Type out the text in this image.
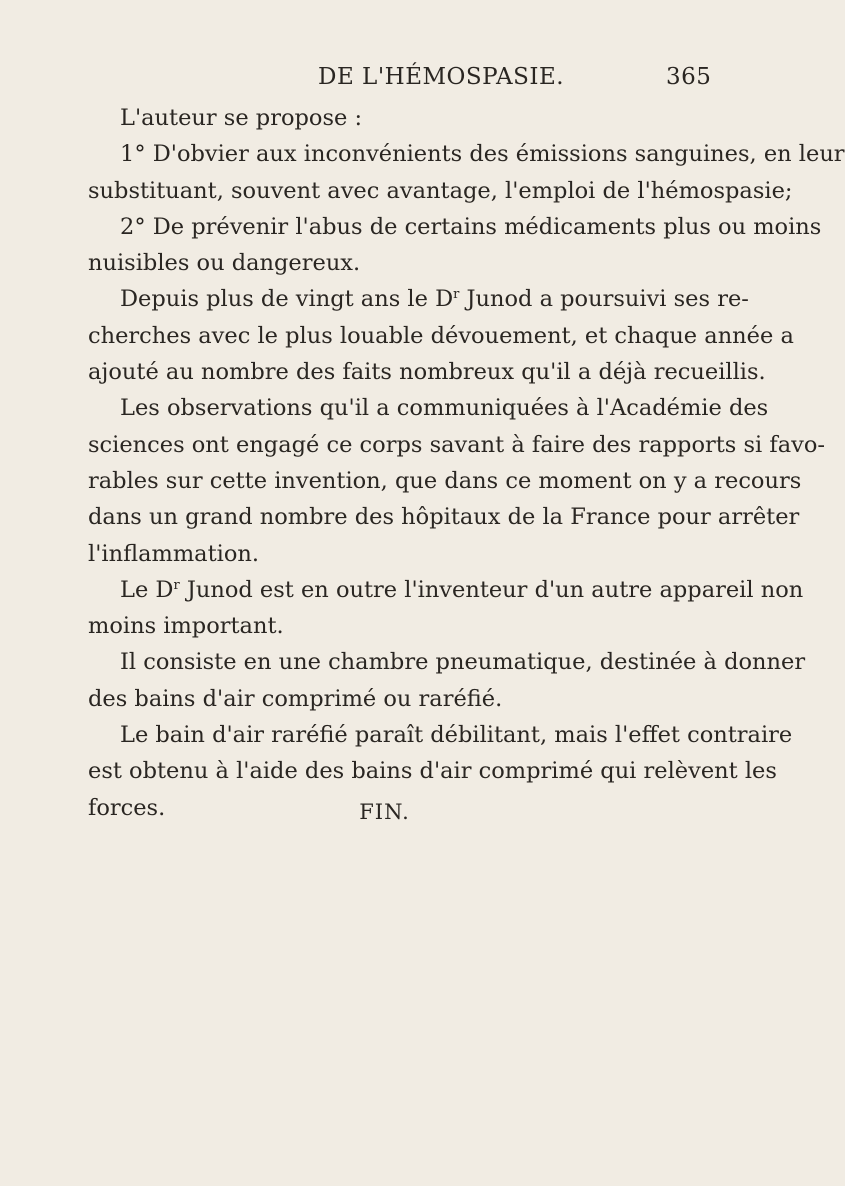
DE L'HÉMOSPASIE.	365
L'auteur se propose :
1° D'obvier aux inconvénients des émissions sanguines, en leur
substituant, souvent avec avantage, l'emploi de l'hémospasie;
2° De prévenir l'abus de certains médicaments plus ou moins
nuisibles ou dangereux.
Depuis plus de vingt ans le $D^r$ Junod a poursuivi ses re-
cherches avec le plus louable dévouement, et chaque année a
ajouté au nombre des faits nombreux qu'il a déjà recueillis.
Les observations qu'il a communiquées à l'Académie des
sciences ont engagé ce corps savant à faire des rapports si favo-
rables sur cette invention, que dans ce moment on y a recours
dans un grand nombre des hôpitaux de la France pour arrêter
l'inflammation.
Le $D^r$ Junod est en outre l'inventeur d'un autre appareil non
moins important.
Il consiste en une chambre pneumatique, destinée à donner
des bains d'air comprimé ou raréfié.
Le bain d'air raréfié paraît débilitant, mais l'effet contraire
est obtenu à l'aide des bains d'air comprimé qui relèvent les
forces.	FIN.
